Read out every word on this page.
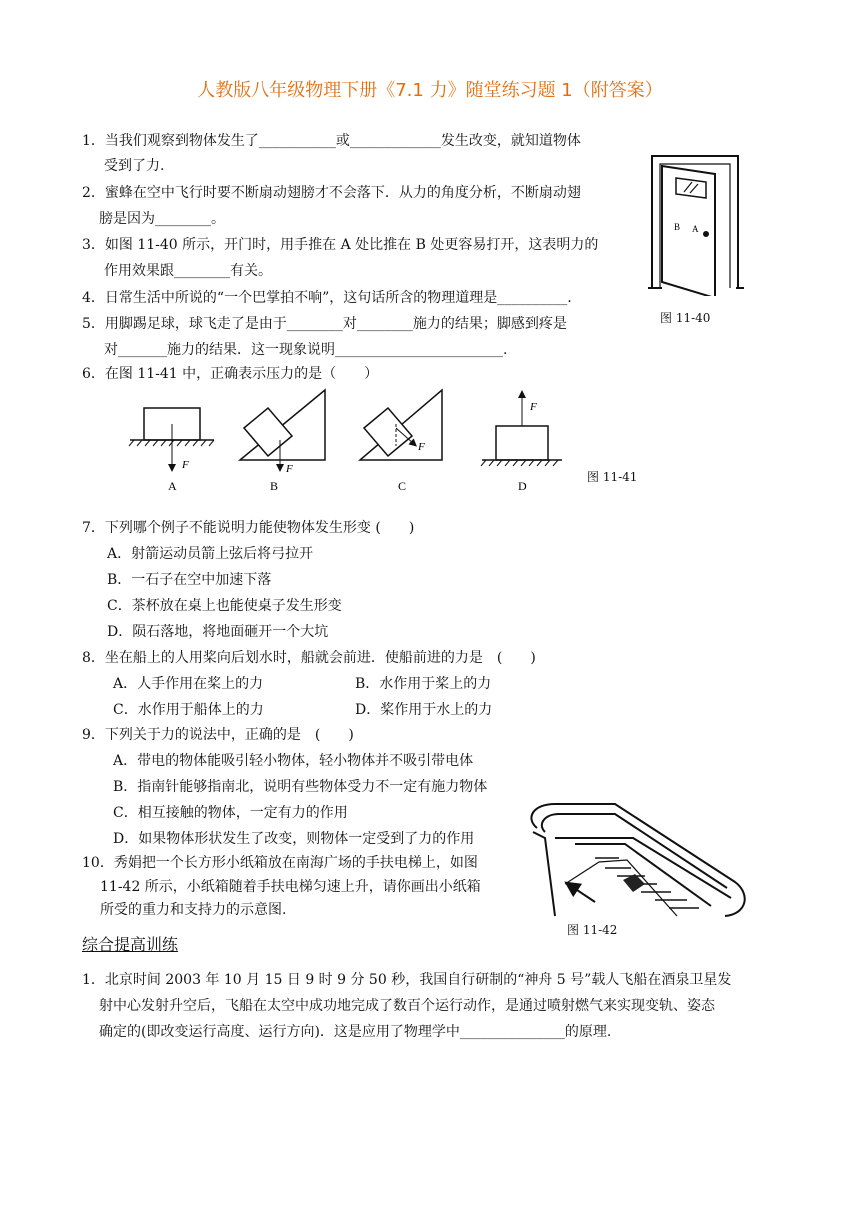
人教版八年级物理下册《7.1 力》随堂练习题 1（附答案）
1．当我们观察到物体发生了___________或_____________发生改变，就知道物体
受到了力.
2．蜜蜂在空中飞行时要不断扇动翅膀才不会落下．从力的角度分析，不断扇动翅
膀是因为________。
3．如图 11-40 所示，开门时，用手推在 A 处比推在 B 处更容易打开，这表明力的
作用效果跟________有关。
4．日常生活中所说的“一个巴掌拍不响”，这句话所含的物理道理是__________.
5．用脚踢足球，球飞走了是由于________对________施力的结果；脚感到疼是
对_______施力的结果．这一现象说明________________________.
6．在图 11-41 中，正确表示压力的是（　　）
7．下列哪个例子不能说明力能使物体发生形变 (　　)
A．射箭运动员箭上弦后将弓拉开
B．一石子在空中加速下落
C．茶杯放在桌上也能使桌子发生形变
D．陨石落地，将地面砸开一个大坑
8．坐在船上的人用桨向后划水时，船就会前进．使船前进的力是　(　　)
A．人手作用在桨上的力	B．水作用于桨上的力
C．水作用于船体上的力	D．桨作用于水上的力
9．下列关于力的说法中，正确的是　(　　)
A．带电的物体能吸引轻小物体，轻小物体并不吸引带电体
B．指南针能够指南北，说明有些物体受力不一定有施力物体
C．相互接触的物体，一定有力的作用
D．如果物体形状发生了改变，则物体一定受到了力的作用
10．秀娟把一个长方形小纸箱放在南海广场的手扶电梯上，如图
11-42 所示，小纸箱随着手扶电梯匀速上升，请你画出小纸箱
所受的重力和支持力的示意图.
综合提高训练
1．北京时间 2003 年 10 月 15 日 9 时 9 分 50 秒，我国自行研制的“神舟 5 号”载人飞船在酒泉卫星发
射中心发射升空后，飞船在太空中成功地完成了数百个运行动作，是通过喷射燃气来实现变轨、姿态
确定的(即改变运行高度、运行方向)．这是应用了物理学中_______________的原理.
B A
图 11-40
F	F
F
F
A	B	C	D
图 11-41
图 11-42
